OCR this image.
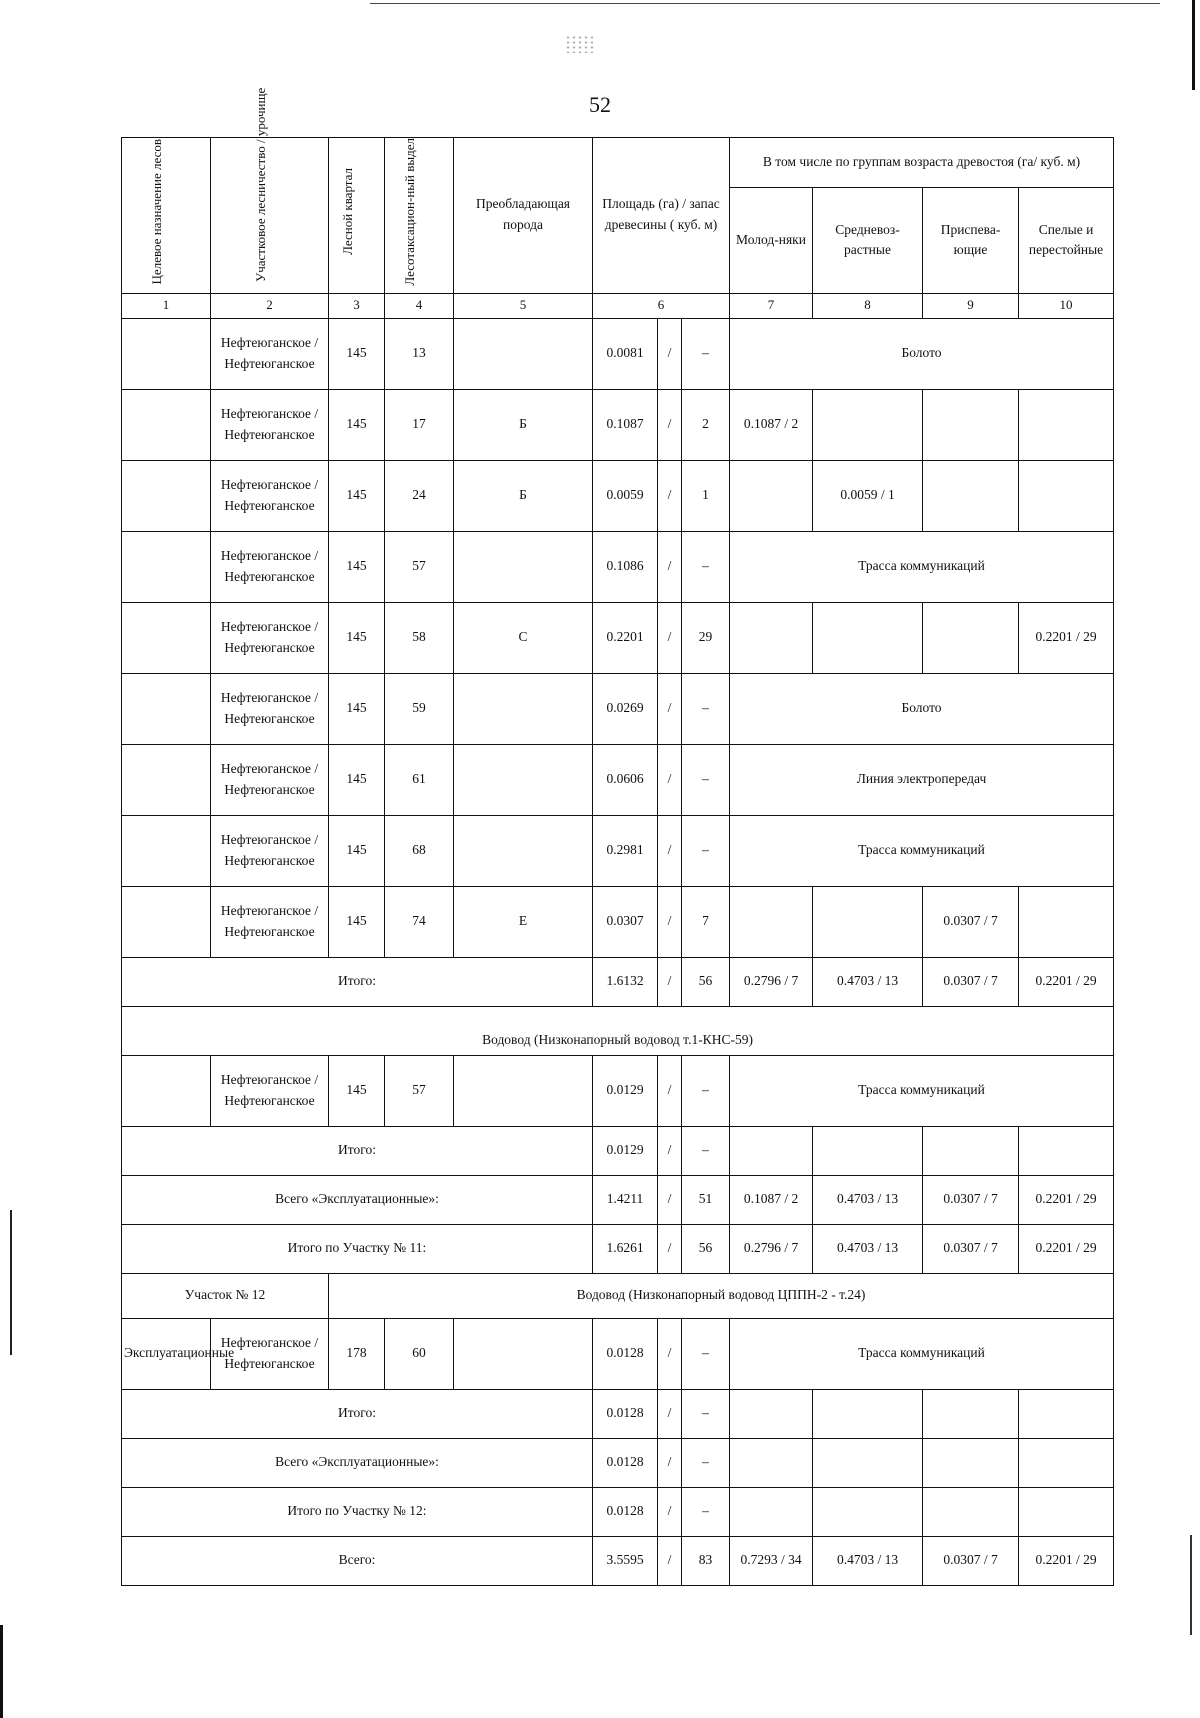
52
Целевое назначение лесов	Участковое лесничество / урочище	Лесной квартал	Лесотаксацион-ный выдел	Преобладающая порода	Площадь (га) / запас древесины ( куб. м)			В том числе по группам возраста древостоя (га/ куб. м)			
								Молод-няки	Средневоз-растные	Приспева-ющие	Спелые и перестойные
1	2	3	4	5	6			7	8	9	10
	Нефтеюганское / Нефтеюганское	145	13		0.0081	/	–	Болото			
	Нефтеюганское / Нефтеюганское	145	17	Б	0.1087	/	2	0.1087 / 2			
	Нефтеюганское / Нефтеюганское	145	24	Б	0.0059	/	1		0.0059 / 1		
	Нефтеюганское / Нефтеюганское	145	57		0.1086	/	–	Трасса коммуникаций			
	Нефтеюганское / Нефтеюганское	145	58	С	0.2201	/	29				0.2201 / 29
	Нефтеюганское / Нефтеюганское	145	59		0.0269	/	–	Болото			
	Нефтеюганское / Нефтеюганское	145	61		0.0606	/	–	Линия электропередач			
	Нефтеюганское / Нефтеюганское	145	68		0.2981	/	–	Трасса коммуникаций			
	Нефтеюганское / Нефтеюганское	145	74	Е	0.0307	/	7			0.0307 / 7	
Итого:					1.6132	/	56	0.2796 / 7	0.4703 / 13	0.0307 / 7	0.2201 / 29
Водовод (Низконапорный водовод т.1-КНС-59)											
	Нефтеюганское / Нефтеюганское	145	57		0.0129	/	–	Трасса коммуникаций			
Итого:					0.0129	/	–				
Всего «Эксплуатационные»:					1.4211	/	51	0.1087 / 2	0.4703 / 13	0.0307 / 7	0.2201 / 29
Итого по Участку № 11:					1.6261	/	56	0.2796 / 7	0.4703 / 13	0.0307 / 7	0.2201 / 29
Участок № 12		Водовод (Низконапорный водовод ЦППН-2 - т.24)									
Эксплуатационные	Нефтеюганское / Нефтеюганское	178	60		0.0128	/	–	Трасса коммуникаций			
Итого:					0.0128	/	–				
Всего «Эксплуатационные»:					0.0128	/	–				
Итого по Участку № 12:					0.0128	/	–				
Всего:					3.5595	/	83	0.7293 / 34	0.4703 / 13	0.0307 / 7	0.2201 / 29
